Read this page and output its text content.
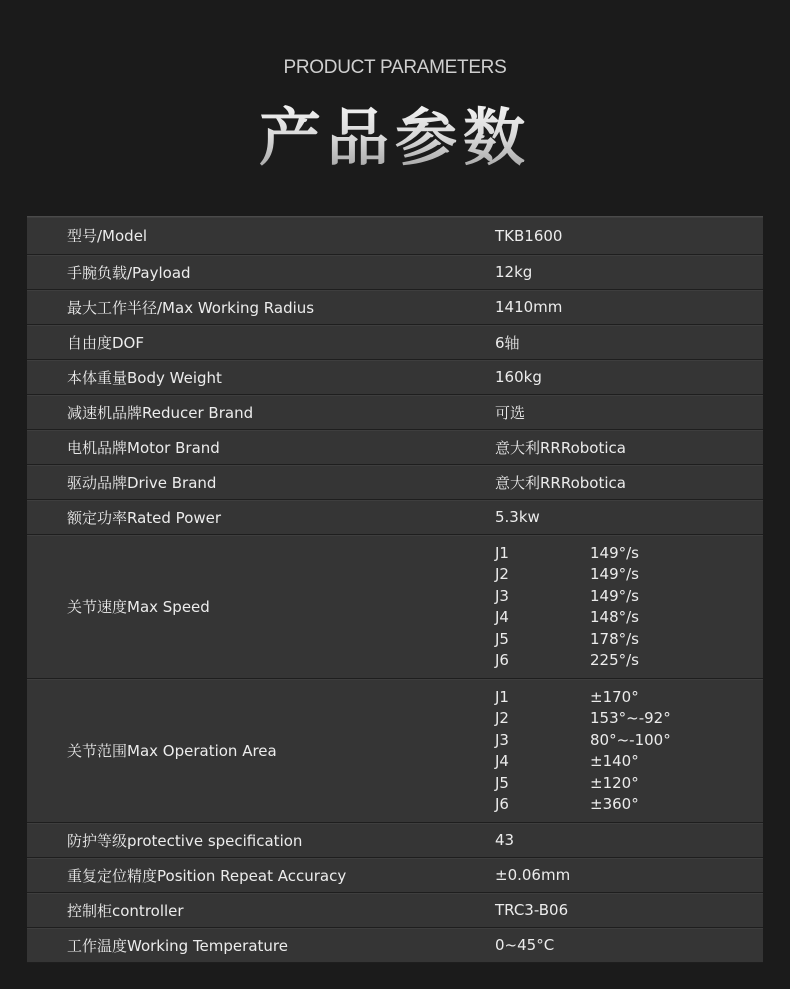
PRODUCT PARAMETERS
产品参数
型号/Model	TKB1600
手腕负载/Payload	12kg
最大工作半径/Max Working Radius	1410mm
自由度DOF	6轴
本体重量Body Weight	160kg
减速机品牌Reducer Brand	可选
电机品牌Motor Brand	意大利RRRobotica
驱动品牌Drive Brand	意大利RRRobotica
额定功率Rated Power	5.3kw
关节速度Max Speed
J1	149°/s
J2	149°/s
J3	149°/s
J4	148°/s
J5	178°/s
J6	225°/s
关节范围Max Operation Area
J1	±170°
J2	153°~-92°
J3	80°~-100°
J4	±140°
J5	±120°
J6	±360°
防护等级protective specification	43
重复定位精度Position Repeat Accuracy	±0.06mm
控制柜controller	TRC3-B06
工作温度Working Temperature	0~45°C
